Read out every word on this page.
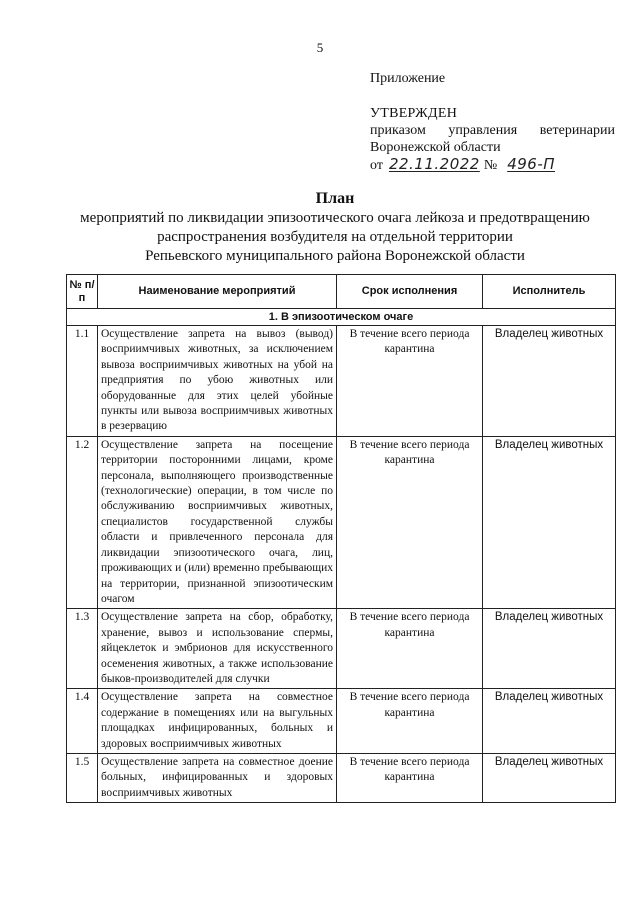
5
Приложение
УТВЕРЖДЕН
приказом управления ветеринарии
Воронежской области
от 22.11.2022 № 496-П
План
мероприятий по ликвидации эпизоотического очага лейкоза и предотвращению
распространения возбудителя на отдельной территории
Репьевского муниципального района Воронежской области
№ п/п	Наименование мероприятий	Срок исполнения	Исполнитель
1. В эпизоотическом очаге			
1.1	Осуществление запрета на вывоз (вывод) восприимчивых животных, за исключением вывоза восприимчивых животных на убой на предприятия по убою животных или оборудованные для этих целей убойные пункты или вывоза восприимчивых животных в резервацию	В течение всего периода карантина	Владелец животных
1.2	Осуществление запрета на посещение территории посторонними лицами, кроме персонала, выполняющего производственные (технологические) операции, в том числе по обслуживанию восприимчивых животных, специалистов государственной службы области и привлеченного персонала для ликвидации эпизоотического очага, лиц, проживающих и (или) временно пребывающих на территории, признанной эпизоотическим очагом	В течение всего периода карантина	Владелец животных
1.3	Осуществление запрета на сбор, обработку, хранение, вывоз и использование спермы, яйцеклеток и эмбрионов для искусственного осеменения животных, а также использование быков-производителей для случки	В течение всего периода карантина	Владелец животных
1.4	Осуществление запрета на совместное содержание в помещениях или на выгульных площадках инфицированных, больных и здоровых восприимчивых животных	В течение всего периода карантина	Владелец животных
1.5	Осуществление запрета на совместное доение больных, инфицированных и здоровых восприимчивых животных	В течение всего периода карантина	Владелец животных
